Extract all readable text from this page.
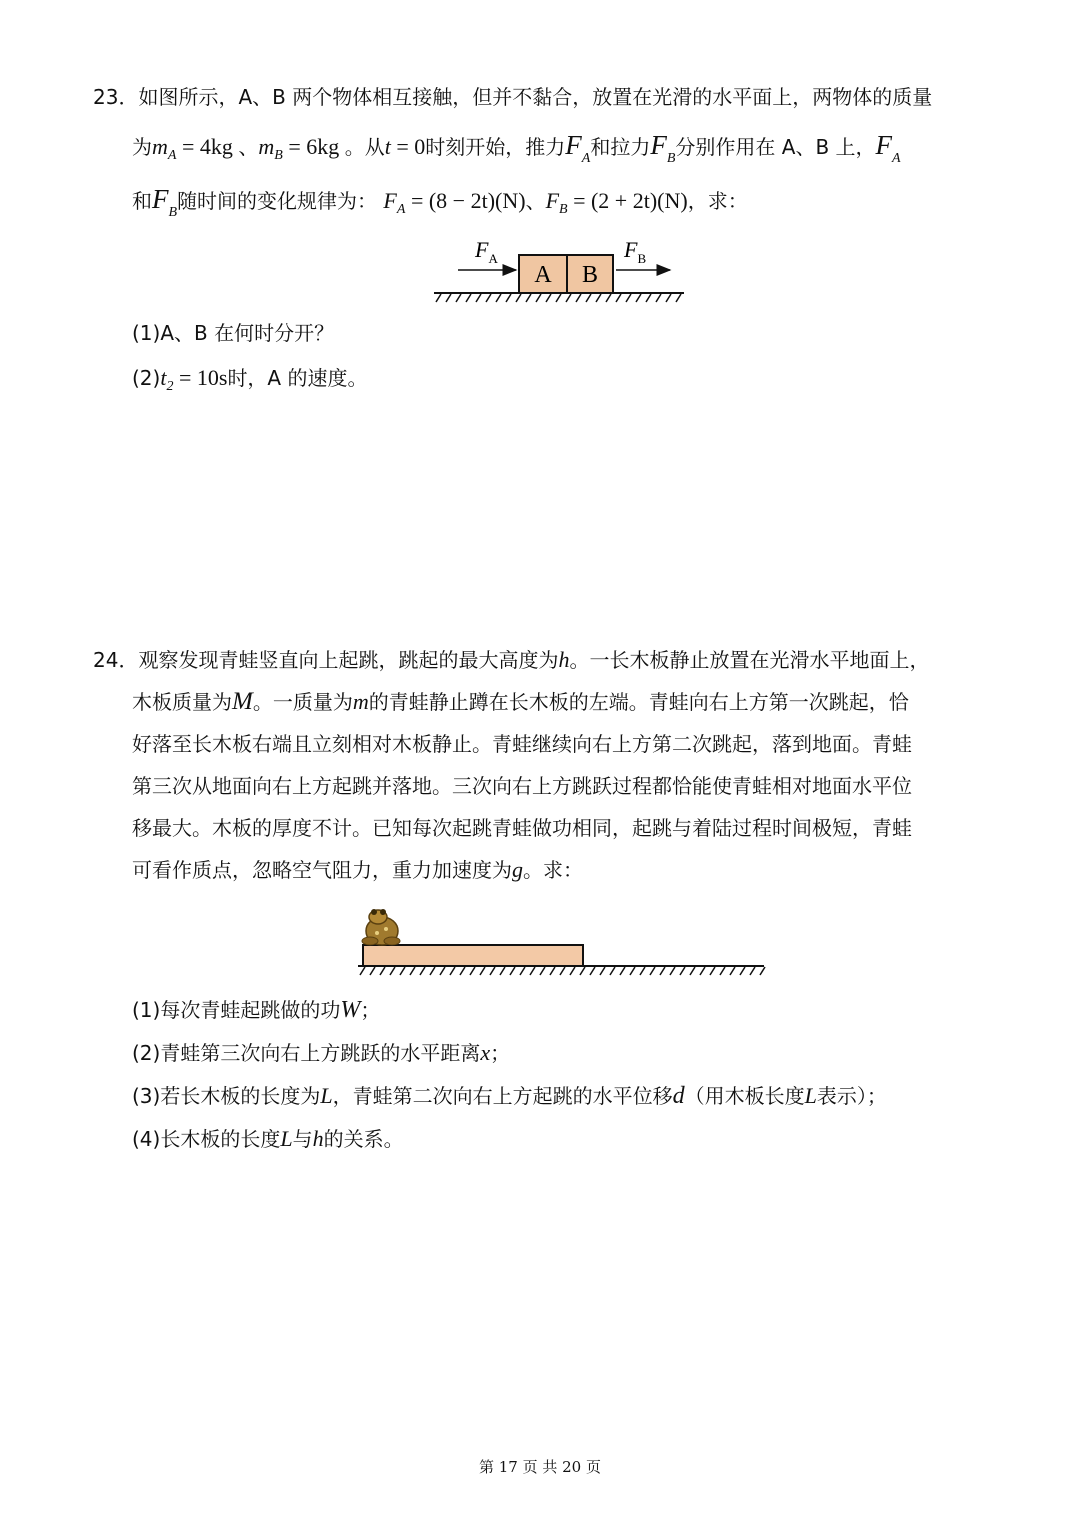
23．如图所示，A、B 两个物体相互接触，但并不黏合，放置在光滑的水平面上，两物体的质量
为$m_A = 4kg$ 、$m_B = 6kg$ 。从t = 0时刻开始，推力$F_A$和拉力$F_B$分别作用在 A、B 上，$F_A$
和$F_B$随时间的变化规律为： $F_A = (8 - 2t)(N)$、$F_B = (2 + 2t)(N)$，求：
A B
$F_A$	$F_B$
(1)A、B 在何时分开？
$(2)t_2 = 10s$时，A 的速度。
24．观察发现青蛙竖直向上起跳，跳起的最大高度为h。一长木板静止放置在光滑水平地面上，
木板质量为M。一质量为m的青蛙静止蹲在长木板的左端。青蛙向右上方第一次跳起，恰
好落至长木板右端且立刻相对木板静止。青蛙继续向右上方第二次跳起，落到地面。青蛙
第三次从地面向右上方起跳并落地。三次向右上方跳跃过程都恰能使青蛙相对地面水平位
移最大。木板的厚度不计。已知每次起跳青蛙做功相同，起跳与着陆过程时间极短，青蛙
可看作质点，忽略空气阻力，重力加速度为g。求：
(1)每次青蛙起跳做的功W；
(2)青蛙第三次向右上方跳跃的水平距离x；
(3)若长木板的长度为L，青蛙第二次向右上方起跳的水平位移d（用木板长度L表示）；
(4)长木板的长度L与h的关系。
第 17 页 共 20 页
